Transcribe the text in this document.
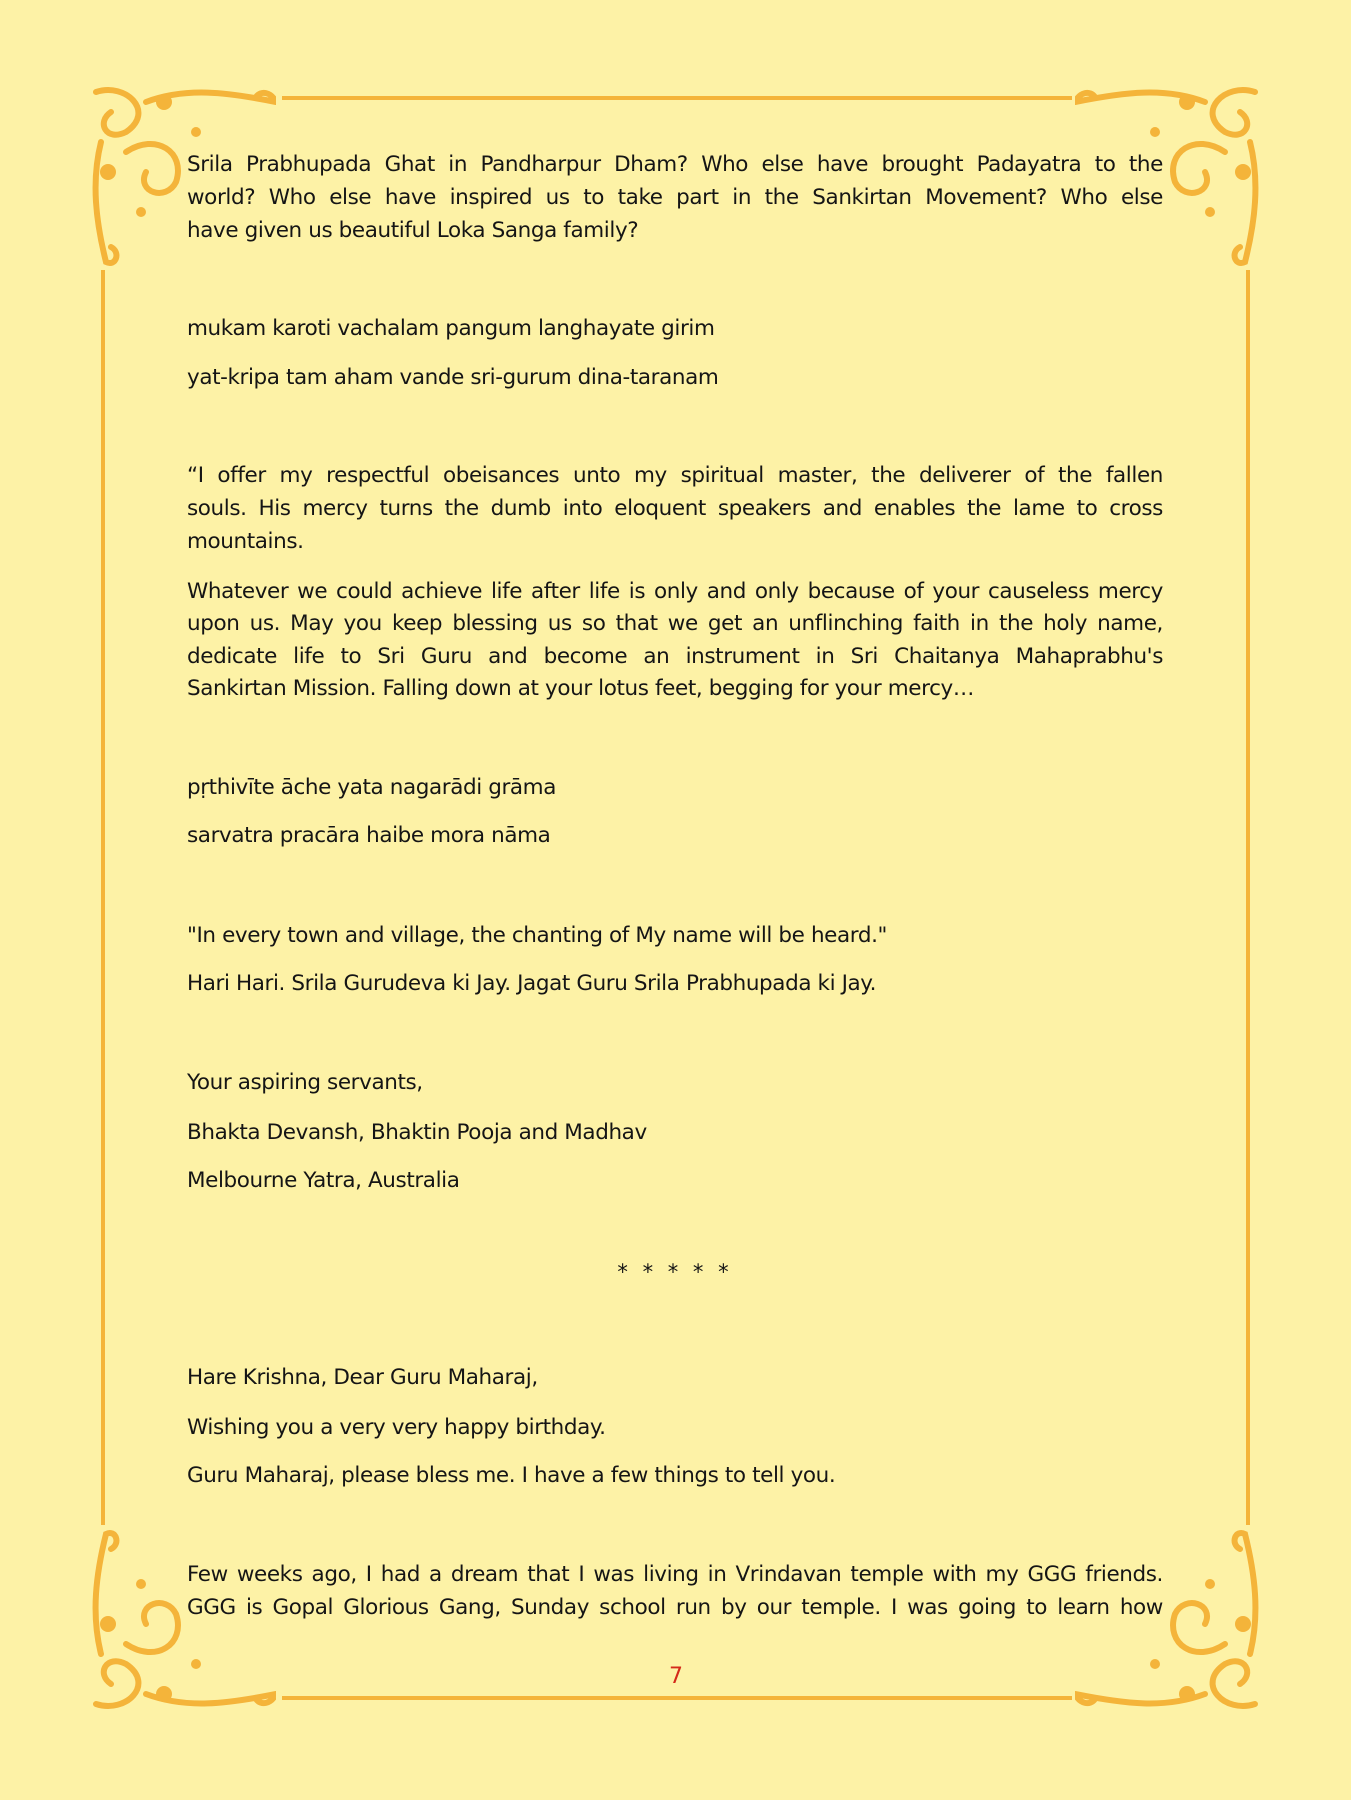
Srila Prabhupada Ghat in Pandharpur Dham? Who else have brought Padayatra to the
world? Who else have inspired us to take part in the Sankirtan Movement? Who else
have given us beautiful Loka Sanga family?
mukam karoti vachalam pangum langhayate girim
yat-kripa tam aham vande sri-gurum dina-taranam
“I offer my respectful obeisances unto my spiritual master, the deliverer of the fallen
souls. His mercy turns the dumb into eloquent speakers and enables the lame to cross
mountains.
Whatever we could achieve life after life is only and only because of your causeless mercy
upon us. May you keep blessing us so that we get an unflinching faith in the holy name,
dedicate life to Sri Guru and become an instrument in Sri Chaitanya Mahaprabhu's
Sankirtan Mission. Falling down at your lotus feet, begging for your mercy…
pṛthivīte āche yata nagarādi grāma
sarvatra pracāra haibe mora nāma
"In every town and village, the chanting of My name will be heard."
Hari Hari. Srila Gurudeva ki Jay. Jagat Guru Srila Prabhupada ki Jay.
Your aspiring servants,
Bhakta Devansh, Bhaktin Pooja and Madhav
Melbourne Yatra, Australia
* * * * *
Hare Krishna, Dear Guru Maharaj,
Wishing you a very very happy birthday.
Guru Maharaj, please bless me. I have a few things to tell you.
Few weeks ago, I had a dream that I was living in Vrindavan temple with my GGG friends.
GGG is Gopal Glorious Gang, Sunday school run by our temple. I was going to learn how
7
